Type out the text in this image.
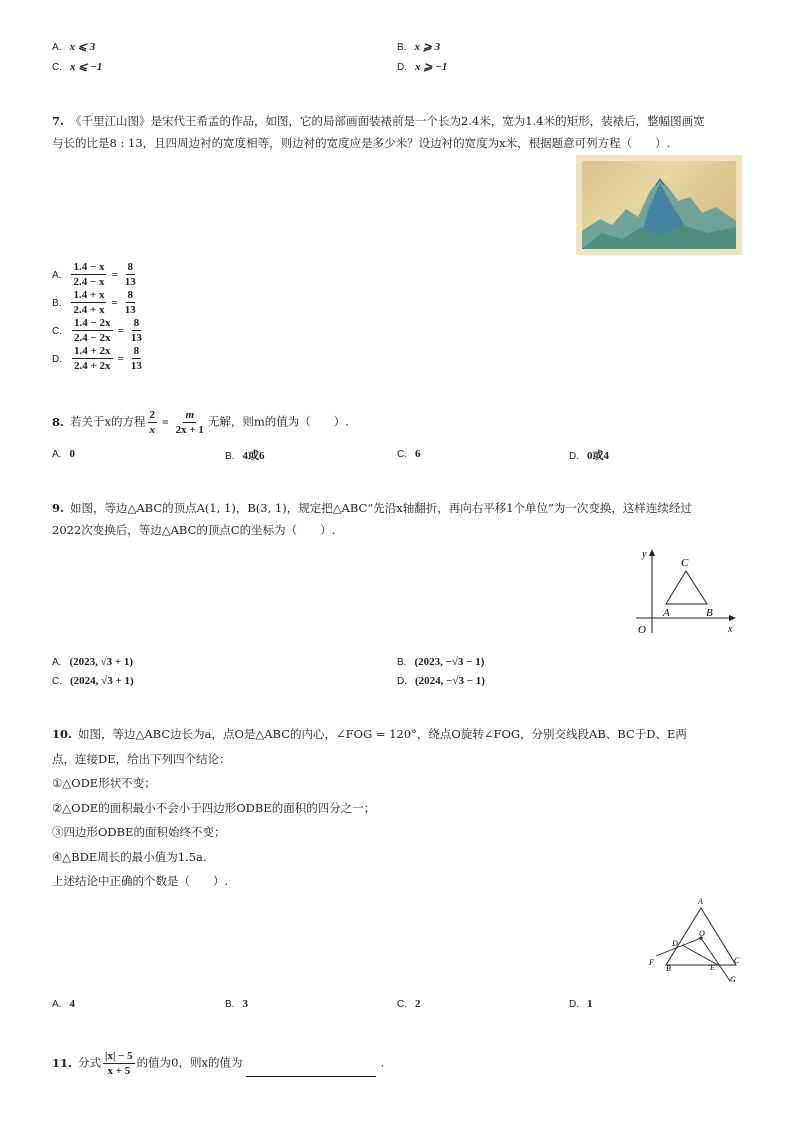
A. x ⩽ 3	B. x ⩾ 3
C. x ⩽ −1	D. x ⩾ −1
7. 《千里江山图》是宋代王希孟的作品，如图，它的局部画面装裱前是一个长为2.4米，宽为1.4米的矩形，装裱后，整幅图画宽
与长的比是8 : 13，且四周边衬的宽度相等，则边衬的宽度应是多少米？设边衬的宽度为x米，根据题意可列方程（　　）.
A. $\frac{1.4 - x}{2.4 - x} = \frac{8}{13}$
B. $\frac{1.4 + x}{2.4 + x} = \frac{8}{13}$
C. $\frac{1.4 - 2x}{2.4 - 2x} = \frac{8}{13}$
D. $\frac{1.4 + 2x}{2.4 + 2x} = \frac{8}{13}$
8. 若关于x的方程 $\frac{2}{x} = \frac{m}{2x + 1}$ 无解，则m的值为（　　）.
A. 0	B. 4或6	C. 6	D. 0或4
9. 如图，等边△ABC的顶点A(1, 1)，B(3, 1)，规定把△ABC“先沿x轴翻折，再向右平移1个单位”为一次变换，这样连续经过
2022次变换后，等边△ABC的顶点C的坐标为（　　）.
y
x
O
A	B
C
A. (2023, √3 + 1)	B. (2023, −√3 − 1)
C. (2024, √3 + 1)	D. (2024, −√3 − 1)
10. 如图，等边△ABC边长为a，点O是△ABC的内心，∠FOG = 120°，绕点O旋转∠FOG，分别交线段AB、BC于D、E两
点，连接DE，给出下列四个结论：
①△ODE形状不变；
②△ODE的面积最小不会小于四边形ODBE的面积的四分之一；
③四边形ODBE的面积始终不变；
④△BDE周长的最小值为1.5a.
上述结论中正确的个数是（　　）.
A
O
D
F
B	E
C
G
A. 4	B. 3	C. 2	D. 1
11. 分式 $\frac{|x| - 5}{x + 5}$ 的值为0，则x的值为	.
